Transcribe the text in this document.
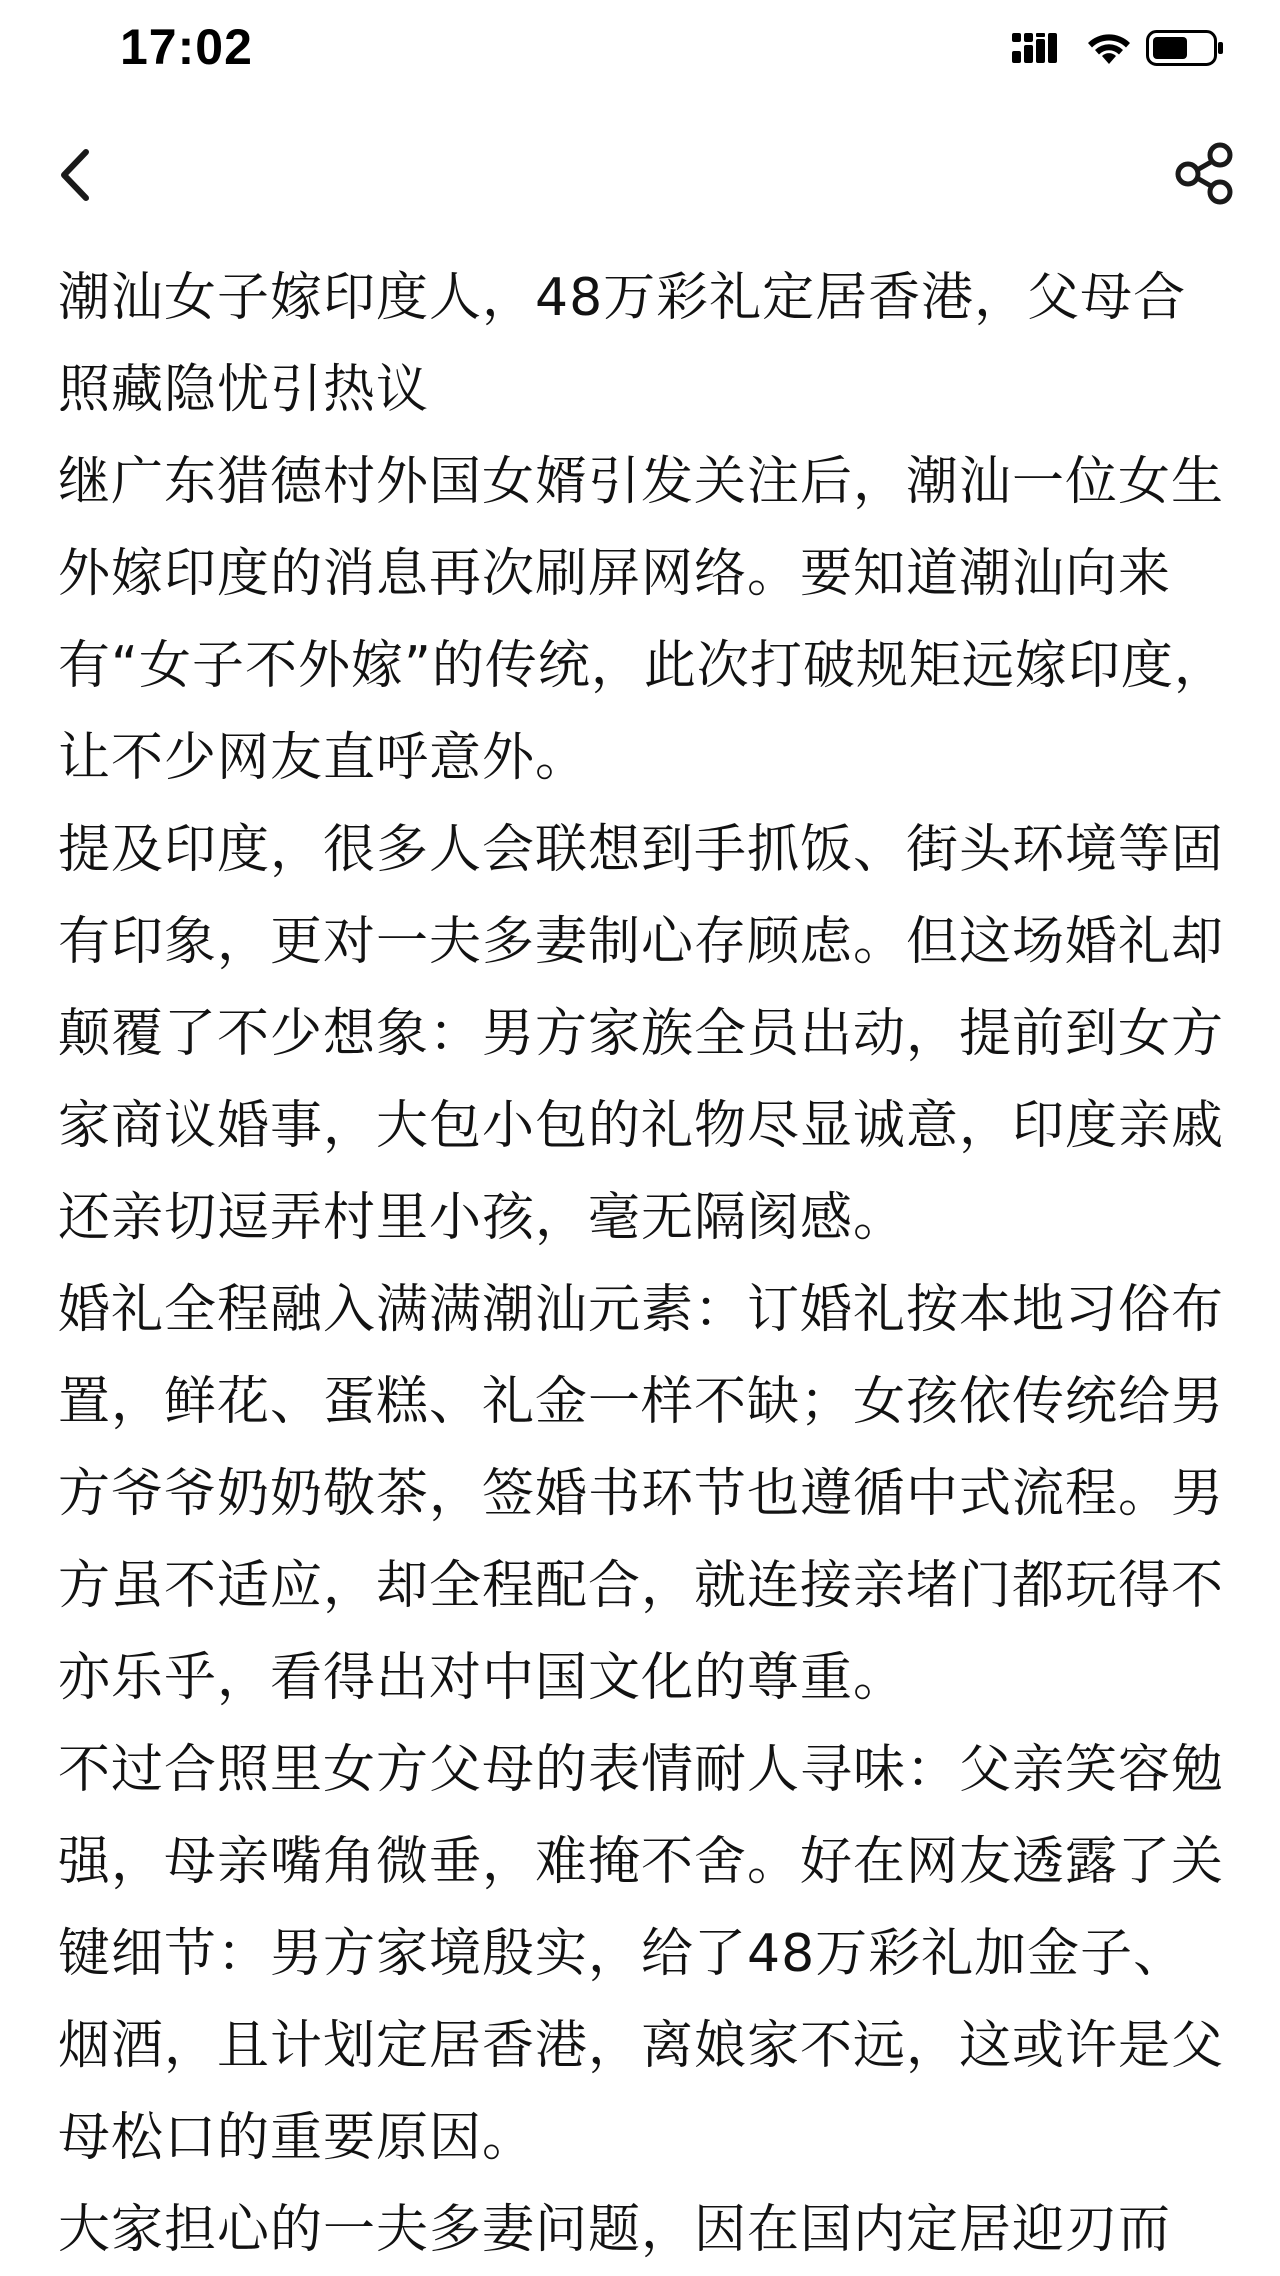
17:02

潮汕女子嫁印度人，48万彩礼定居香港，父母合照藏隐忧引热议

继广东猎德村外国女婿引发关注后，潮汕一位女生外嫁印度的消息再次刷屏网络。要知道潮汕向来有“女子不外嫁”的传统，此次打破规矩远嫁印度，让不少网友直呼意外。

提及印度，很多人会联想到手抓饭、街头环境等固有印象，更对一夫多妻制心存顾虑。但这场婚礼却颠覆了不少想象：男方家族全员出动，提前到女方家商议婚事，大包小包的礼物尽显诚意，印度亲戚还亲切逗弄村里小孩，毫无隔阂感。

婚礼全程融入满满潮汕元素：订婚礼按本地习俗布置，鲜花、蛋糕、礼金一样不缺；女孩依传统给男方爷爷奶奶敬茶，签婚书环节也遵循中式流程。男方虽不适应，却全程配合，就连接亲堵门都玩得不亦乐乎，看得出对中国文化的尊重。

不过合照里女方父母的表情耐人寻味：父亲笑容勉强，母亲嘴角微垂，难掩不舍。好在网友透露了关键细节：男方家境殷实，给了48万彩礼加金子、烟酒，且计划定居香港，离娘家不远，这或许是父母松口的重要原因。

大家担心的一夫多妻问题，因在国内定居迎刃而
